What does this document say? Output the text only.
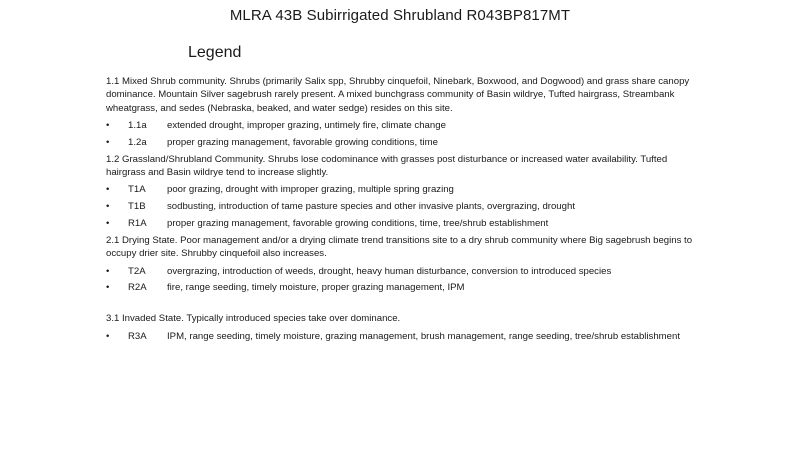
MLRA 43B Subirrigated Shrubland R043BP817MT
Legend

1.1 Mixed Shrub community. Shrubs (primarily Salix spp, Shrubby cinquefoil, Ninebark, Boxwood, and Dogwood) and grass share canopy dominance. Mountain Silver sagebrush rarely present. A mixed bunchgrass community of Basin wildrye, Tufted hairgrass, Streambank wheatgrass, and sedes (Nebraska, beaked, and water sedge) resides on this site.

•	1.1a	extended drought, improper grazing, untimely fire, climate change
•	1.2a	proper grazing management, favorable growing conditions, time

1.2 Grassland/Shrubland Community. Shrubs lose codominance with grasses post disturbance or increased water availability. Tufted hairgrass and Basin wildrye tend to increase slightly.

•	T1A	poor grazing, drought with improper grazing, multiple spring grazing
•	T1B	sodbusting, introduction of tame pasture species and other invasive plants, overgrazing, drought
•	R1A	proper grazing management, favorable growing conditions, time, tree/shrub establishment

2.1 Drying State. Poor management and/or a drying climate trend transitions site to a dry shrub community where Big sagebrush begins to occupy drier site. Shrubby cinquefoil also increases.

•	T2A	overgrazing, introduction of weeds, drought, heavy human disturbance, conversion to introduced species
•	R2A	fire, range seeding, timely moisture, proper grazing management, IPM

3.1 Invaded State. Typically introduced species take over dominance.

•	R3A	IPM, range seeding, timely moisture, grazing management, brush management, range seeding, tree/shrub establishment
